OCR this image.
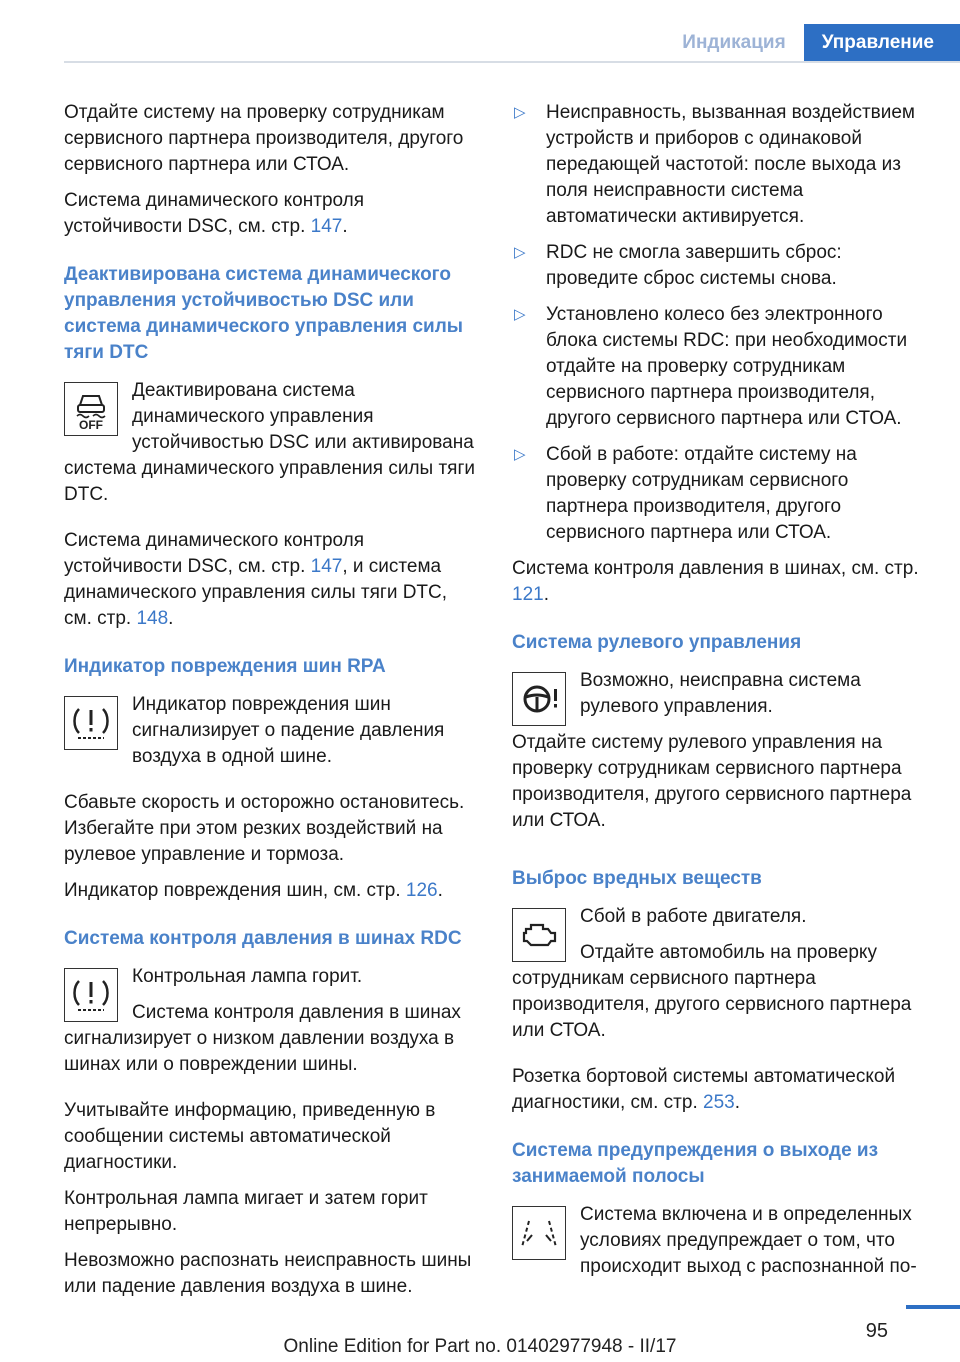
Индикация	Управление

Отдайте систему на проверку сотрудникам сервисного партнера производителя, другого сервисного партнера или СТОА.

Система динамического контроля устойчивости DSC, см. стр. 147.

Деактивирована система динамического управления устойчивостью DSC или система динамического управления силы тяги DTC
OFF

Деактивирована система динамического управления устойчивостью DSC или активирована система динамического управления силы тяги DTC.

Система динамического контроля устойчивости DSC, см. стр. 147, и система динамического управления силы тяги DTC, см. стр. 148.

Индикатор повреждения шин RPA

Индикатор повреждения шин сигнализирует о падение давления воздуха в одной шине.

Сбавьте скорость и осторожно остановитесь. Избегайте при этом резких воздействий на рулевое управление и тормоза.

Индикатор повреждения шин, см. стр. 126.

Система контроля давления в шинах RDC

Контрольная лампа горит.

Система контроля давления в шинах сигнализирует о низком давлении воздуха в шинах или о повреждении шины.

Учитывайте информацию, приведенную в сообщении системы автоматической диагностики.

Контрольная лампа мигает и затем горит непрерывно.

Невозможно распознать неисправность шины или падение давления воздуха в шине.

▷ Неисправность, вызванная воздействием устройств и приборов с одинаковой передающей частотой: после выхода из поля неисправности система автоматически активируется.
▷ RDC не смогла завершить сброс: проведите сброс системы снова.
▷ Установлено колесо без электронного блока системы RDC: при необходимости отдайте на проверку сотрудникам сервисного партнера производителя, другого сервисного партнера или СТОА.
▷ Сбой в работе: отдайте систему на проверку сотрудникам сервисного партнера производителя, другого сервисного партнера или СТОА.

Система контроля давления в шинах, см. стр. 121.

Система рулевого управления

Возможно, неисправна система рулевого управления.

Отдайте систему рулевого управления на проверку сотрудникам сервисного партнера производителя, другого сервисного партнера или СТОА.

Выброс вредных веществ

Сбой в работе двигателя.

Отдайте автомобиль на проверку сотрудникам сервисного партнера производителя, другого сервисного партнера или СТОА.

Розетка бортовой системы автоматической диагностики, см. стр. 253.

Система предупреждения о выходе из занимаемой полосы

Система включена и в определенных условиях предупреждает о том, что происходит выход с распознанной по-

95
Online Edition for Part no. 01402977948 - II/17
